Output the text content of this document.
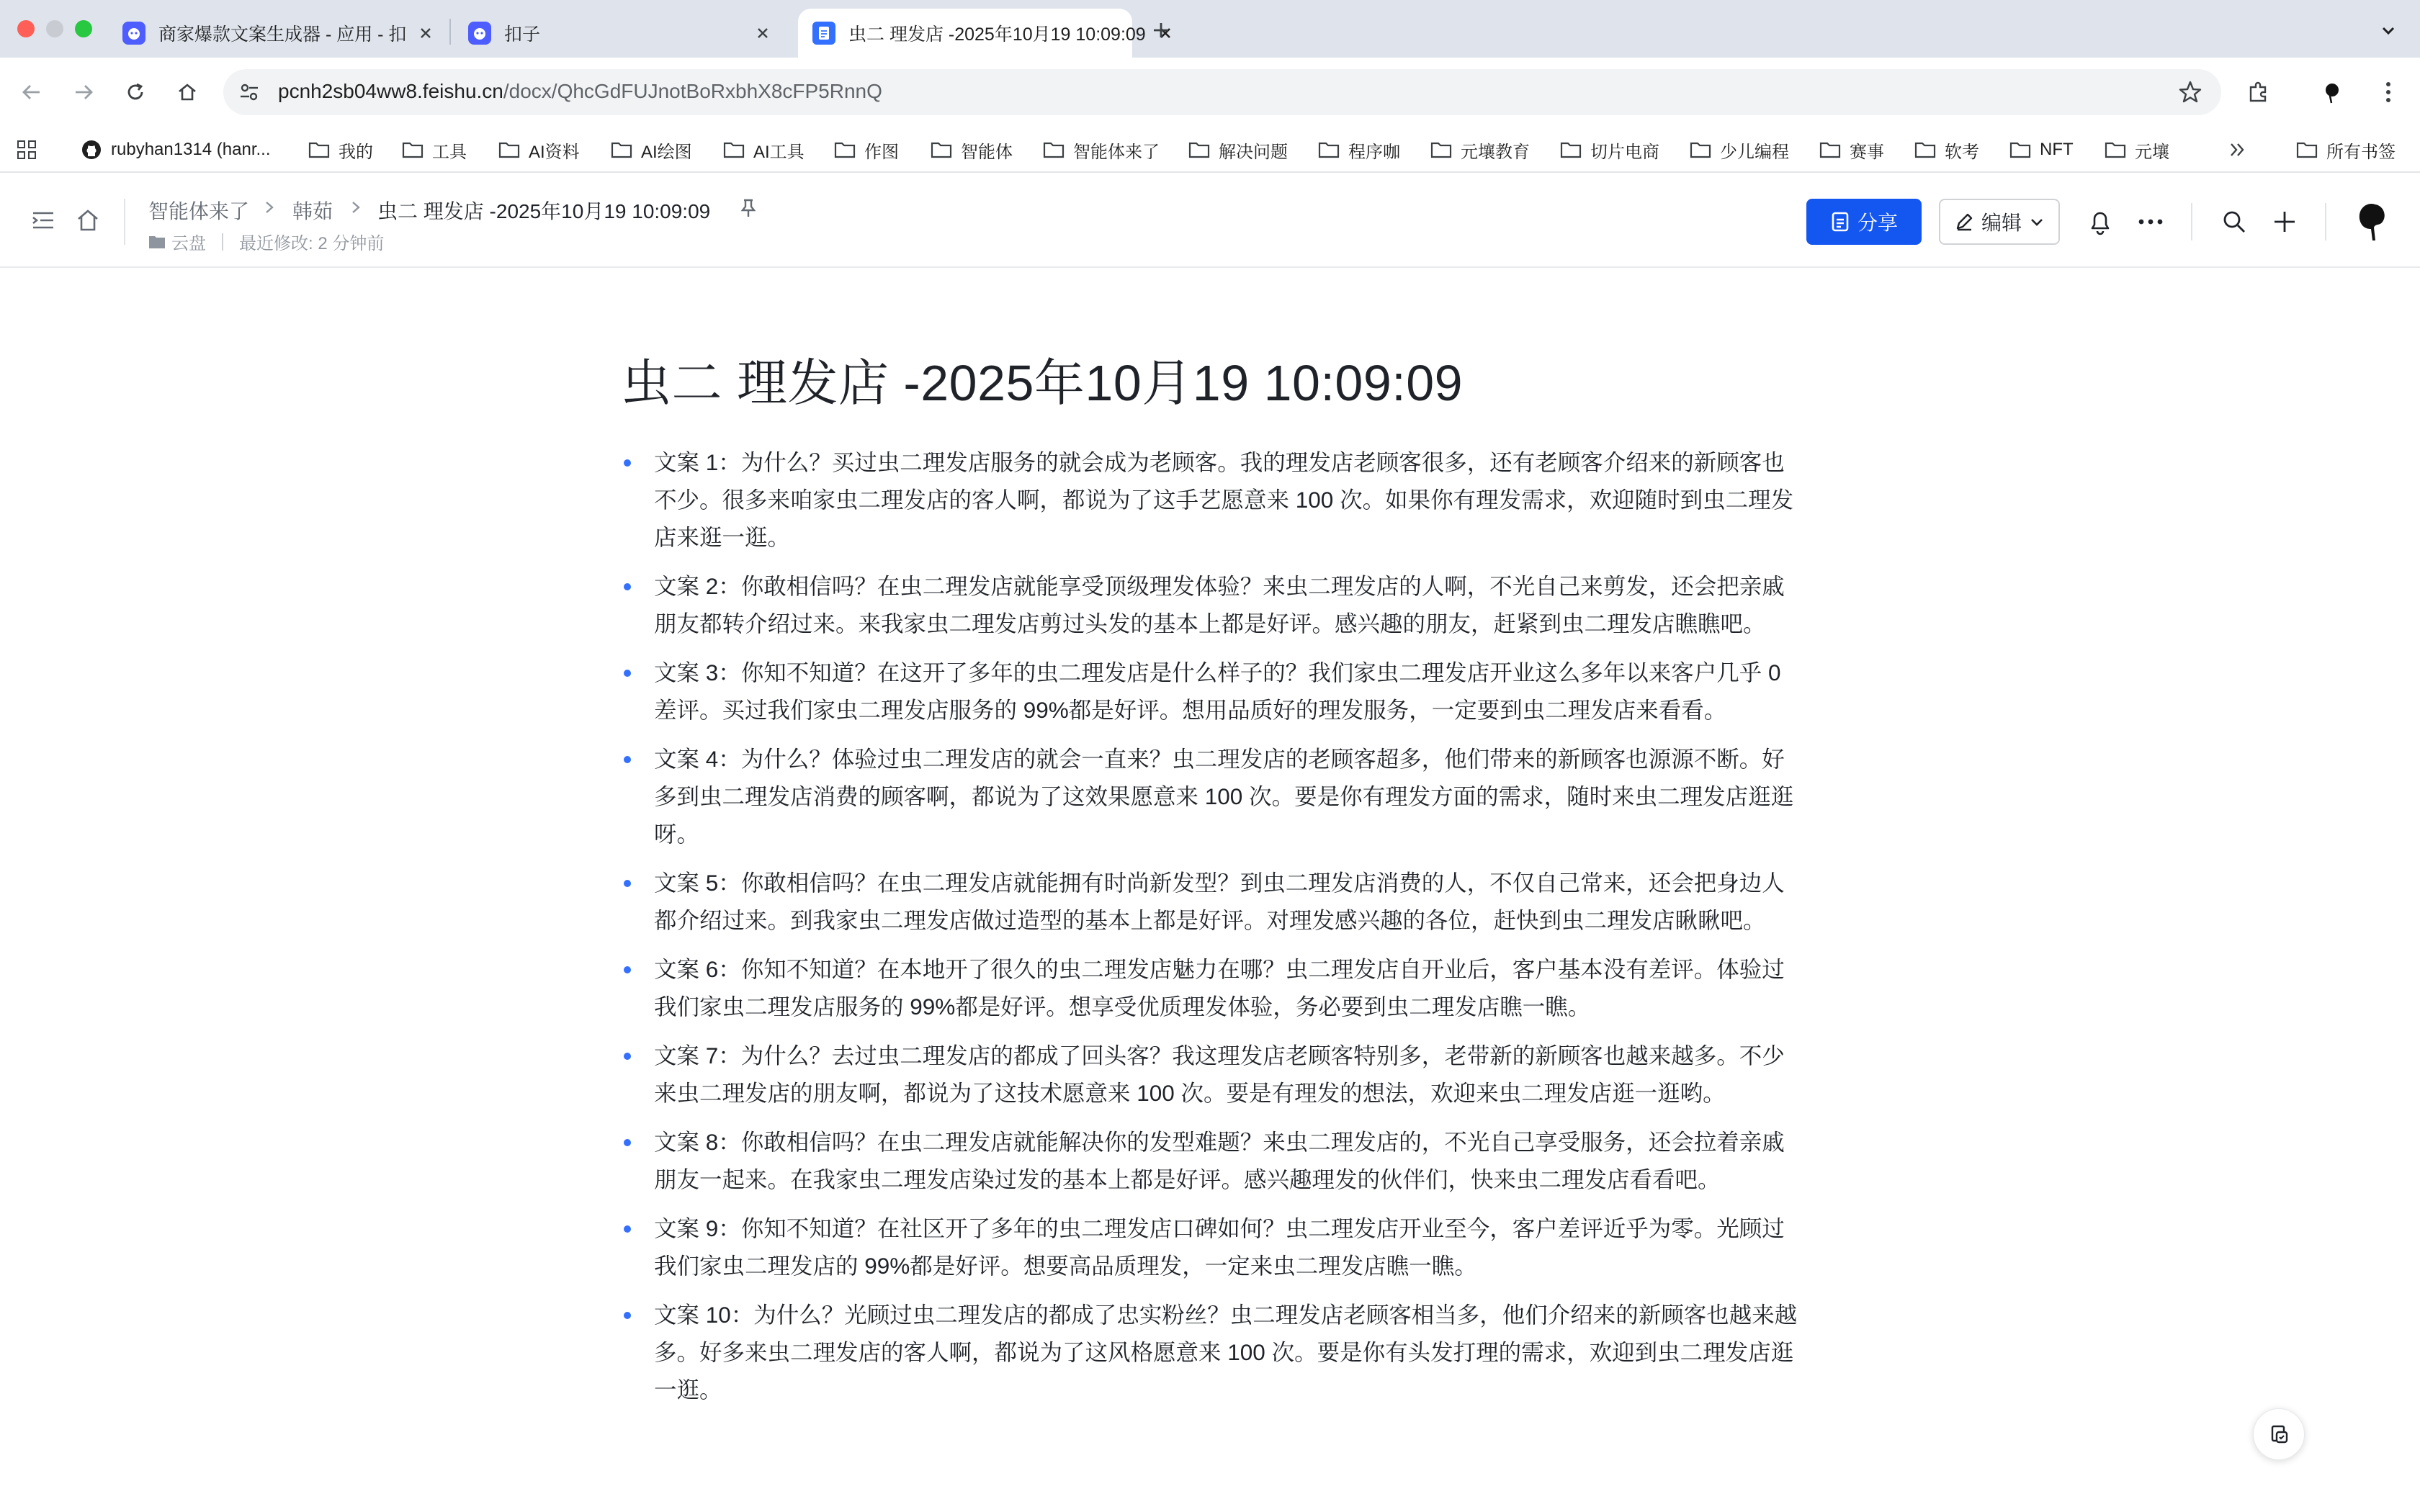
商家爆款文案生成器 - 应用 - 扣	扣子	虫二 理发店 -2025年10月19 10:09:09
pcnh2sb04ww8.feishu.cn/docx/QhcGdFUJnotBoRxbhX8cFP5RnnQ
rubyhan1314 (hanr...	我的	工具	AI资料	AI绘图	AI工具	作图	智能体	智能体来了	解决问题	程序咖	元壤教育	切片电商	少儿编程	赛事	软考	NFT	元壤	所有书签
智能体来了 韩茹 虫二 理发店 -2025年10月19 10:09:09
云盘 最近修改: 2 分钟前
分享	编辑
虫二 理发店 -2025年10月19 10:09:09
文案 1：为什么？买过虫二理发店服务的就会成为老顾客。我的理发店老顾客很多，还有老顾客介绍来的新顾客也不少。很多来咱家虫二理发店的客人啊，都说为了这手艺愿意来 100 次。如果你有理发需求，欢迎随时到虫二理发店来逛一逛。
文案 2：你敢相信吗？在虫二理发店就能享受顶级理发体验？来虫二理发店的人啊，不光自己来剪发，还会把亲戚朋友都转介绍过来。来我家虫二理发店剪过头发的基本上都是好评。感兴趣的朋友，赶紧到虫二理发店瞧瞧吧。
文案 3：你知不知道？在这开了多年的虫二理发店是什么样子的？我们家虫二理发店开业这么多年以来客户几乎 0 差评。买过我们家虫二理发店服务的 99%都是好评。想用品质好的理发服务，一定要到虫二理发店来看看。
文案 4：为什么？体验过虫二理发店的就会一直来？虫二理发店的老顾客超多，他们带来的新顾客也源源不断。好多到虫二理发店消费的顾客啊，都说为了这效果愿意来 100 次。要是你有理发方面的需求，随时来虫二理发店逛逛呀。
文案 5：你敢相信吗？在虫二理发店就能拥有时尚新发型？到虫二理发店消费的人，不仅自己常来，还会把身边人都介绍过来。到我家虫二理发店做过造型的基本上都是好评。对理发感兴趣的各位，赶快到虫二理发店瞅瞅吧。
文案 6：你知不知道？在本地开了很久的虫二理发店魅力在哪？虫二理发店自开业后，客户基本没有差评。体验过我们家虫二理发店服务的 99%都是好评。想享受优质理发体验，务必要到虫二理发店瞧一瞧。
文案 7：为什么？去过虫二理发店的都成了回头客？我这理发店老顾客特别多，老带新的新顾客也越来越多。不少来虫二理发店的朋友啊，都说为了这技术愿意来 100 次。要是有理发的想法，欢迎来虫二理发店逛一逛哟。
文案 8：你敢相信吗？在虫二理发店就能解决你的发型难题？来虫二理发店的，不光自己享受服务，还会拉着亲戚朋友一起来。在我家虫二理发店染过发的基本上都是好评。感兴趣理发的伙伴们，快来虫二理发店看看吧。
文案 9：你知不知道？在社区开了多年的虫二理发店口碑如何？虫二理发店开业至今，客户差评近乎为零。光顾过我们家虫二理发店的 99%都是好评。想要高品质理发，一定来虫二理发店瞧一瞧。
文案 10：为什么？光顾过虫二理发店的都成了忠实粉丝？虫二理发店老顾客相当多，他们介绍来的新顾客也越来越多。好多来虫二理发店的客人啊，都说为了这风格愿意来 100 次。要是你有头发打理的需求，欢迎到虫二理发店逛一逛。
